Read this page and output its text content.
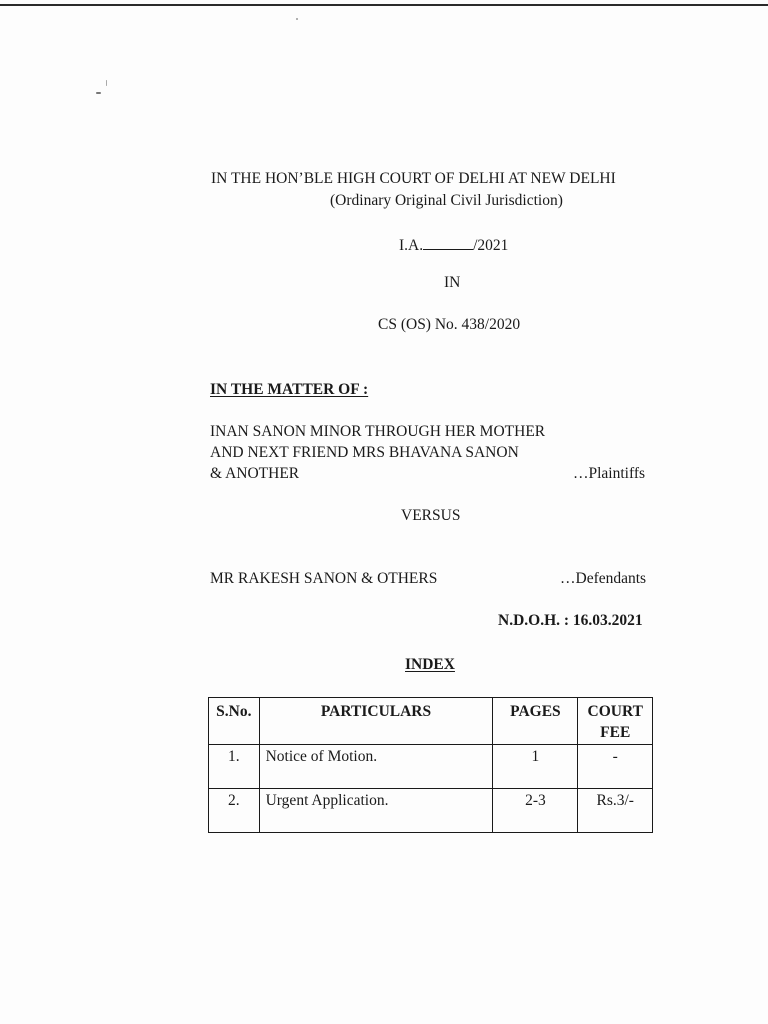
IN THE HON’BLE HIGH COURT OF DELHI AT NEW DELHI
(Ordinary Original Civil Jurisdiction)
I.A.	/2021
IN
CS (OS) No. 438/2020
IN THE MATTER OF :
INAN SANON MINOR THROUGH HER MOTHER
AND NEXT FRIEND MRS BHAVANA SANON
& ANOTHER	…Plaintiffs
VERSUS
MR RAKESH SANON & OTHERS	…Defendants
N.D.O.H. : 16.03.2021
INDEX
S.No.	PARTICULARS	PAGES	COURT
FEE
1.	Notice of Motion.	1	-
2.	Urgent Application.	2-3	Rs.3/-
